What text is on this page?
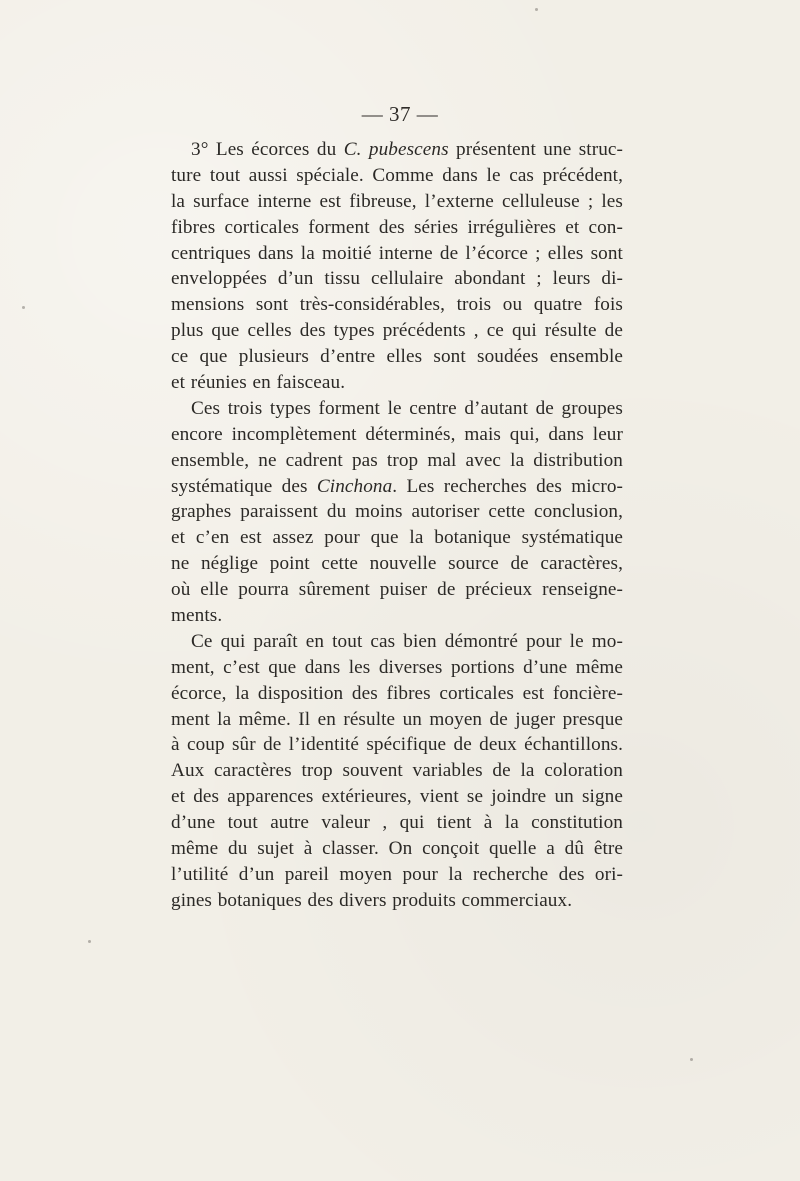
— 37 —
3° Les écorces du C. pubescens présentent une struc-
ture tout aussi spéciale. Comme dans le cas précédent,
la surface interne est fibreuse, l’externe celluleuse ; les
fibres corticales forment des séries irrégulières et con-
centriques dans la moitié interne de l’écorce ; elles sont
enveloppées d’un tissu cellulaire abondant ; leurs di-
mensions sont très-considérables, trois ou quatre fois
plus que celles des types précédents , ce qui résulte de
ce que plusieurs d’entre elles sont soudées ensemble
et réunies en faisceau.
Ces trois types forment le centre d’autant de groupes
encore incomplètement déterminés, mais qui, dans leur
ensemble, ne cadrent pas trop mal avec la distribution
systématique des Cinchona. Les recherches des micro-
graphes paraissent du moins autoriser cette conclusion,
et c’en est assez pour que la botanique systématique
ne néglige point cette nouvelle source de caractères,
où elle pourra sûrement puiser de précieux renseigne-
ments.
Ce qui paraît en tout cas bien démontré pour le mo-
ment, c’est que dans les diverses portions d’une même
écorce, la disposition des fibres corticales est foncière-
ment la même. Il en résulte un moyen de juger presque
à coup sûr de l’identité spécifique de deux échantillons.
Aux caractères trop souvent variables de la coloration
et des apparences extérieures, vient se joindre un signe
d’une tout autre valeur , qui tient à la constitution
même du sujet à classer. On conçoit quelle a dû être
l’utilité d’un pareil moyen pour la recherche des ori-
gines botaniques des divers produits commerciaux.
